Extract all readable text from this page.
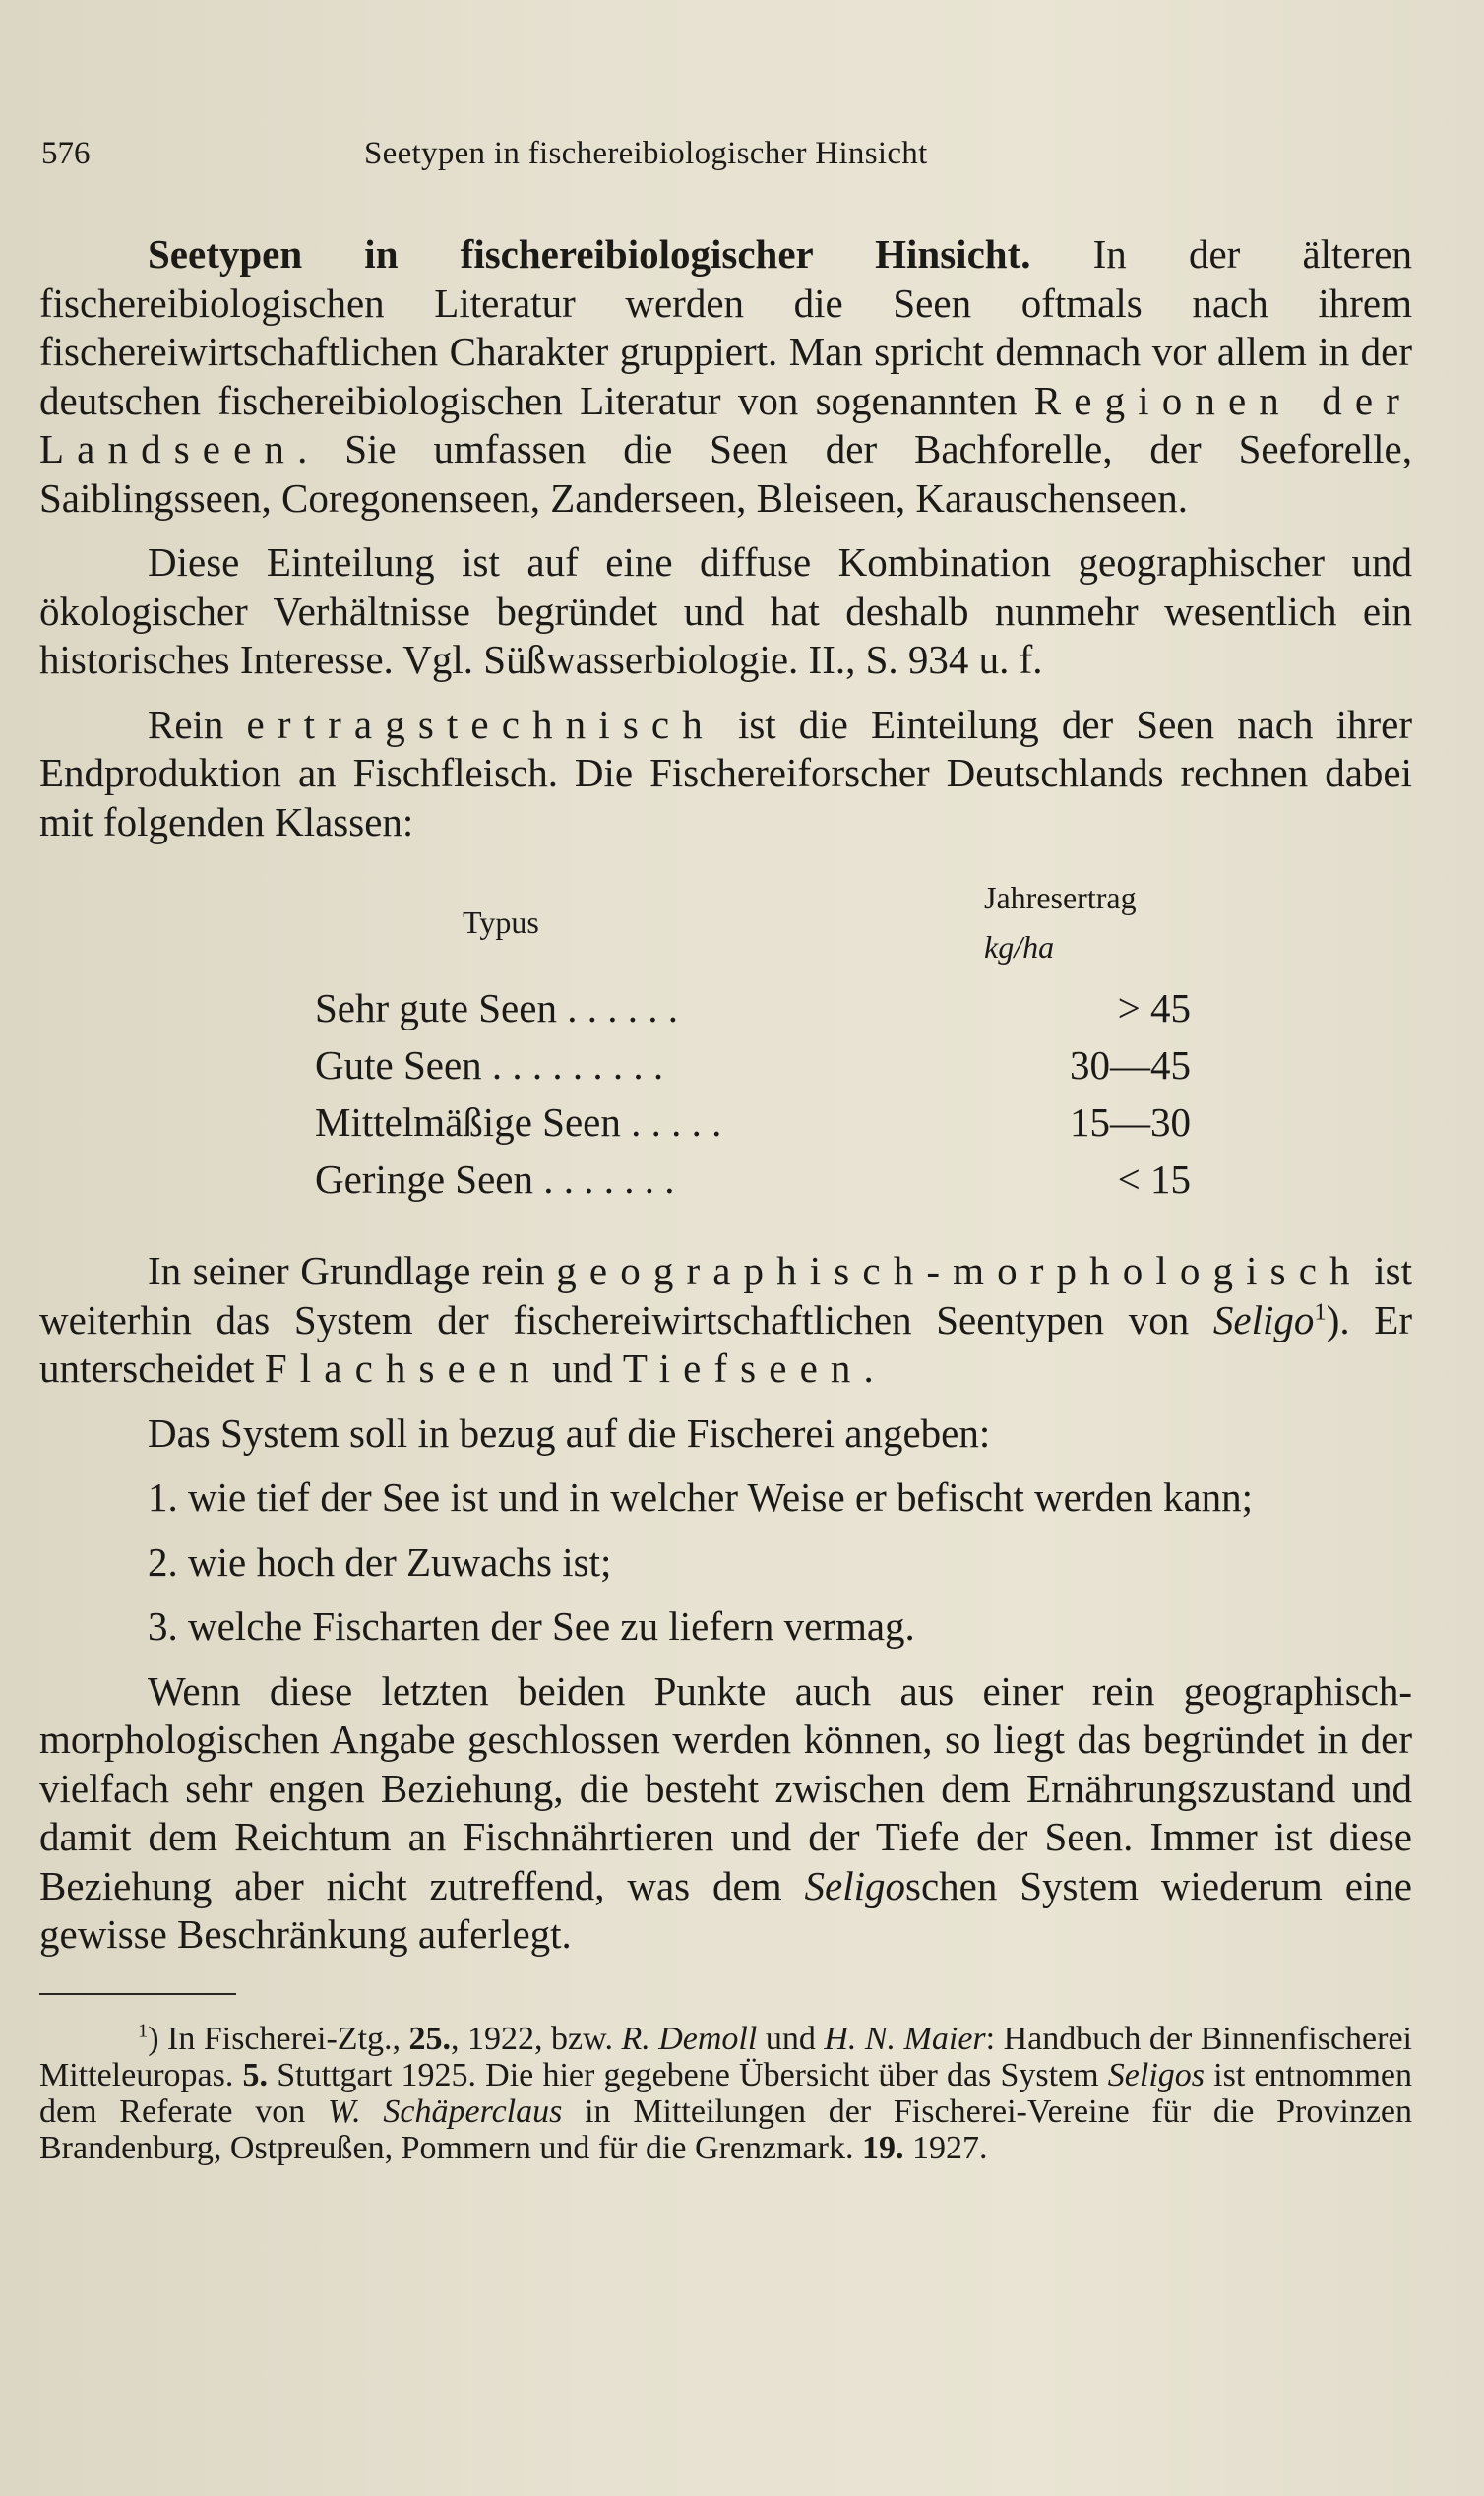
576	Seetypen in fischereibiologischer Hinsicht

Seetypen in fischereibiologischer Hinsicht. In der älteren fischereibiologischen Literatur werden die Seen oftmals nach ihrem fischereiwirtschaftlichen Charakter gruppiert. Man spricht demnach vor allem in der deutschen fischereibiologischen Literatur von sogenannten Regionen der Landseen. Sie umfassen die Seen der Bachforelle, der Seeforelle, Saiblingsseen, Coregonenseen, Zanderseen, Bleiseen, Karauschenseen.

Diese Einteilung ist auf eine diffuse Kombination geographischer und ökologischer Verhältnisse begründet und hat deshalb nunmehr wesentlich ein historisches Interesse. Vgl. Süßwasserbiologie. II., S. 934 u. f.

Rein ertragstechnisch ist die Einteilung der Seen nach ihrer Endproduktion an Fischfleisch. Die Fischereiforscher Deutschlands rechnen dabei mit folgenden Klassen:

Typus	Jahresertrag kg/ha
Sehr gute Seen . . . . . .	> 45
Gute Seen . . . . . . . . .	30—45
Mittelmäßige Seen . . . . .	15—30
Geringe Seen . . . . . . .	< 15

In seiner Grundlage rein geographisch-morphologisch ist weiterhin das System der fischereiwirtschaftlichen Seentypen von Seligo$^1$). Er unterscheidet Flachseen und Tiefseen.

Das System soll in bezug auf die Fischerei angeben:

1. wie tief der See ist und in welcher Weise er befischt werden kann;

2. wie hoch der Zuwachs ist;

3. welche Fischarten der See zu liefern vermag.

Wenn diese letzten beiden Punkte auch aus einer rein geographisch-morphologischen Angabe geschlossen werden können, so liegt das begründet in der vielfach sehr engen Beziehung, die besteht zwischen dem Ernährungszustand und damit dem Reichtum an Fischnährtieren und der Tiefe der Seen. Immer ist diese Beziehung aber nicht zutreffend, was dem Seligoschen System wiederum eine gewisse Beschränkung auferlegt.

$^1$) In Fischerei-Ztg., 25., 1922, bzw. R. Demoll und H. N. Maier: Handbuch der Binnenfischerei Mitteleuropas. 5. Stuttgart 1925. Die hier gegebene Übersicht über das System Seligos ist entnommen dem Referate von W. Schäperclaus in Mitteilungen der Fischerei-Vereine für die Provinzen Brandenburg, Ostpreußen, Pommern und für die Grenzmark. 19. 1927.
